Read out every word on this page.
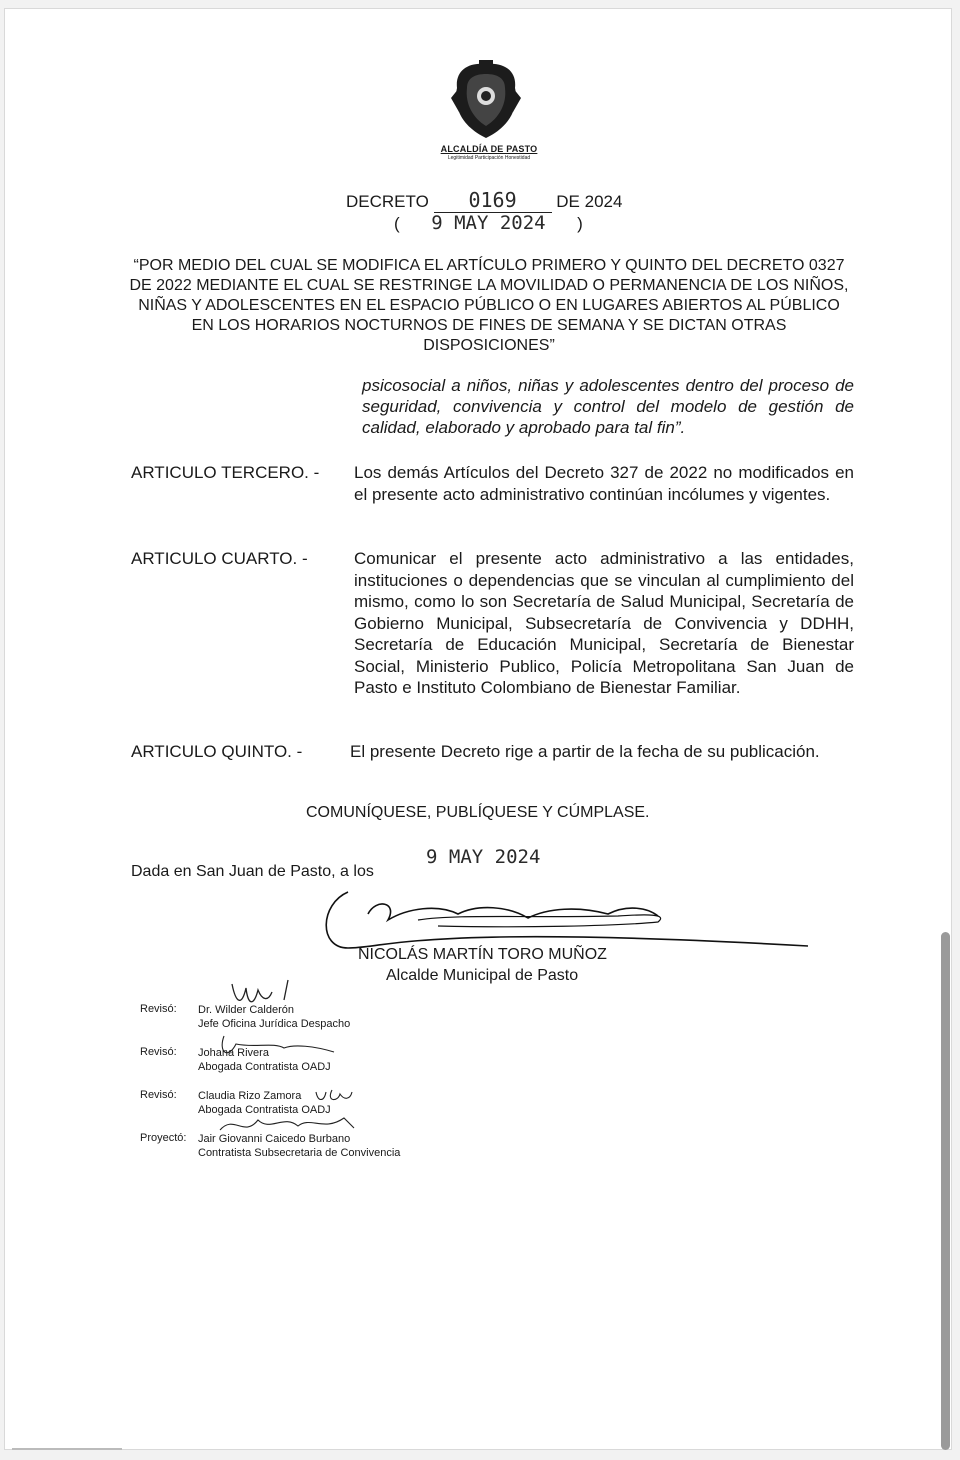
ALCALDÍA DE PASTO
Legitimidad Participación Honestidad
DECRETO 0169 DE 2024
( 9 MAY 2024 )
“POR MEDIO DEL CUAL SE MODIFICA EL ARTÍCULO PRIMERO Y QUINTO DEL DECRETO 0327 DE 2022 MEDIANTE EL CUAL SE RESTRINGE LA MOVILIDAD O PERMANENCIA DE LOS NIÑOS, NIÑAS Y ADOLESCENTES EN EL ESPACIO PÚBLICO O EN LUGARES ABIERTOS AL PÚBLICO EN LOS HORARIOS NOCTURNOS DE FINES DE SEMANA Y SE DICTAN OTRAS DISPOSICIONES”
psicosocial a niños, niñas y adolescentes dentro del proceso de seguridad, convivencia y control del modelo de gestión de calidad, elaborado y aprobado para tal fin”.
ARTICULO TERCERO. - Los demás Artículos del Decreto 327 de 2022 no modificados en el presente acto administrativo continúan incólumes y vigentes.
ARTICULO CUARTO. -	Comunicar el presente acto administrativo a las entidades, instituciones o dependencias que se vinculan al cumplimiento del mismo, como lo son Secretaría de Salud Municipal, Secretaría de Gobierno Municipal, Subsecretaría de Convivencia y DDHH, Secretaría de Educación Municipal, Secretaría de Bienestar Social, Ministerio Publico, Policía Metropolitana San Juan de Pasto e Instituto Colombiano de Bienestar Familiar.
ARTICULO QUINTO. -	El presente Decreto rige a partir de la fecha de su publicación.
COMUNÍQUESE, PUBLÍQUESE Y CÚMPLASE.
Dada en San Juan de Pasto, a los
9 MAY 2024
NICOLÁS MARTÍN TORO MUÑOZ
Alcalde Municipal de Pasto
Revisó: Dr. Wilder Calderón
Jefe Oficina Jurídica Despacho
Revisó: Johana Rivera
Abogada Contratista OADJ
Revisó: Claudia Rizo Zamora
Abogada Contratista OADJ
Proyectó: Jair Giovanni Caicedo Burbano
Contratista Subsecretaria de Convivencia
